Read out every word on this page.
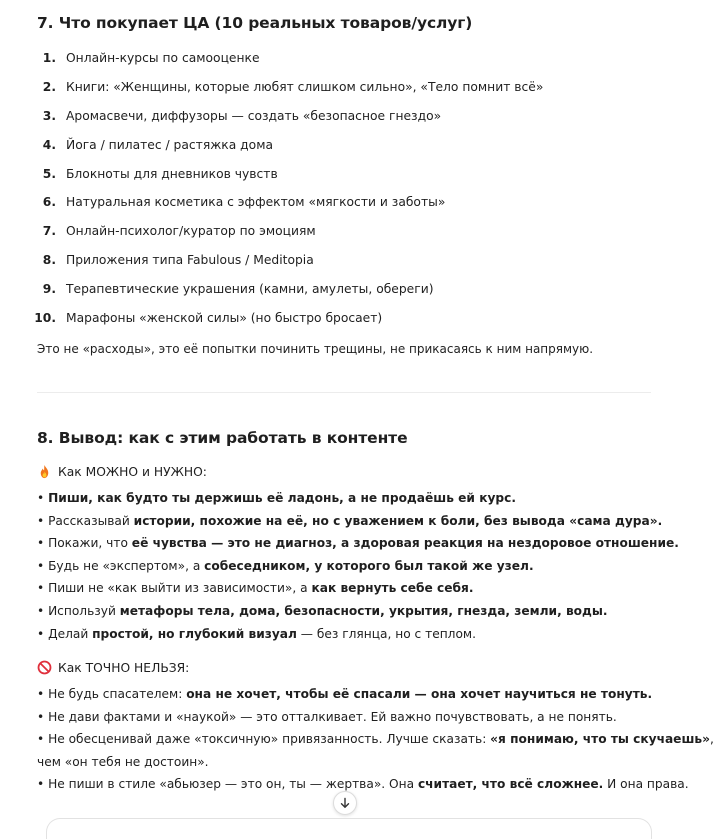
7. Что покупает ЦА (10 реальных товаров/услуг)
1. Онлайн-курсы по самооценке
2. Книги: «Женщины, которые любят слишком сильно», «Тело помнит всё»
3. Аромасвечи, диффузоры — создать «безопасное гнездо»
4. Йога / пилатес / растяжка дома
5. Блокноты для дневников чувств
6. Натуральная косметика с эффектом «мягкости и заботы»
7. Онлайн-психолог/куратор по эмоциям
8. Приложения типа Fabulous / Meditopia
9. Терапевтические украшения (камни, амулеты, обереги)
10. Марафоны «женской силы» (но быстро бросает)
Это не «расходы», это её попытки починить трещины, не прикасаясь к ним напрямую.
8. Вывод: как с этим работать в контенте
Как МОЖНО и НУЖНО:
• Пиши, как будто ты держишь её ладонь, а не продаёшь ей курс.
• Рассказывай истории, похожие на её, но с уважением к боли, без вывода «сама дура».
• Покажи, что её чувства — это не диагноз, а здоровая реакция на нездоровое отношение.
• Будь не «экспертом», а собеседником, у которого был такой же узел.
• Пиши не «как выйти из зависимости», а как вернуть себе себя.
• Используй метафоры тела, дома, безопасности, укрытия, гнезда, земли, воды.
• Делай простой, но глубокий визуал — без глянца, но с теплом.
Как ТОЧНО НЕЛЬЗЯ:
• Не будь спасателем: она не хочет, чтобы её спасали — она хочет научиться не тонуть.
• Не дави фактами и «наукой» — это отталкивает. Ей важно почувствовать, а не понять.
• Не обесценивай даже «токсичную» привязанность. Лучше сказать: «я понимаю, что ты скучаешь»,
чем «он тебя не достоин».
• Не пиши в стиле «абьюзер — это он, ты — жертва». Она считает, что всё сложнее. И она права.
